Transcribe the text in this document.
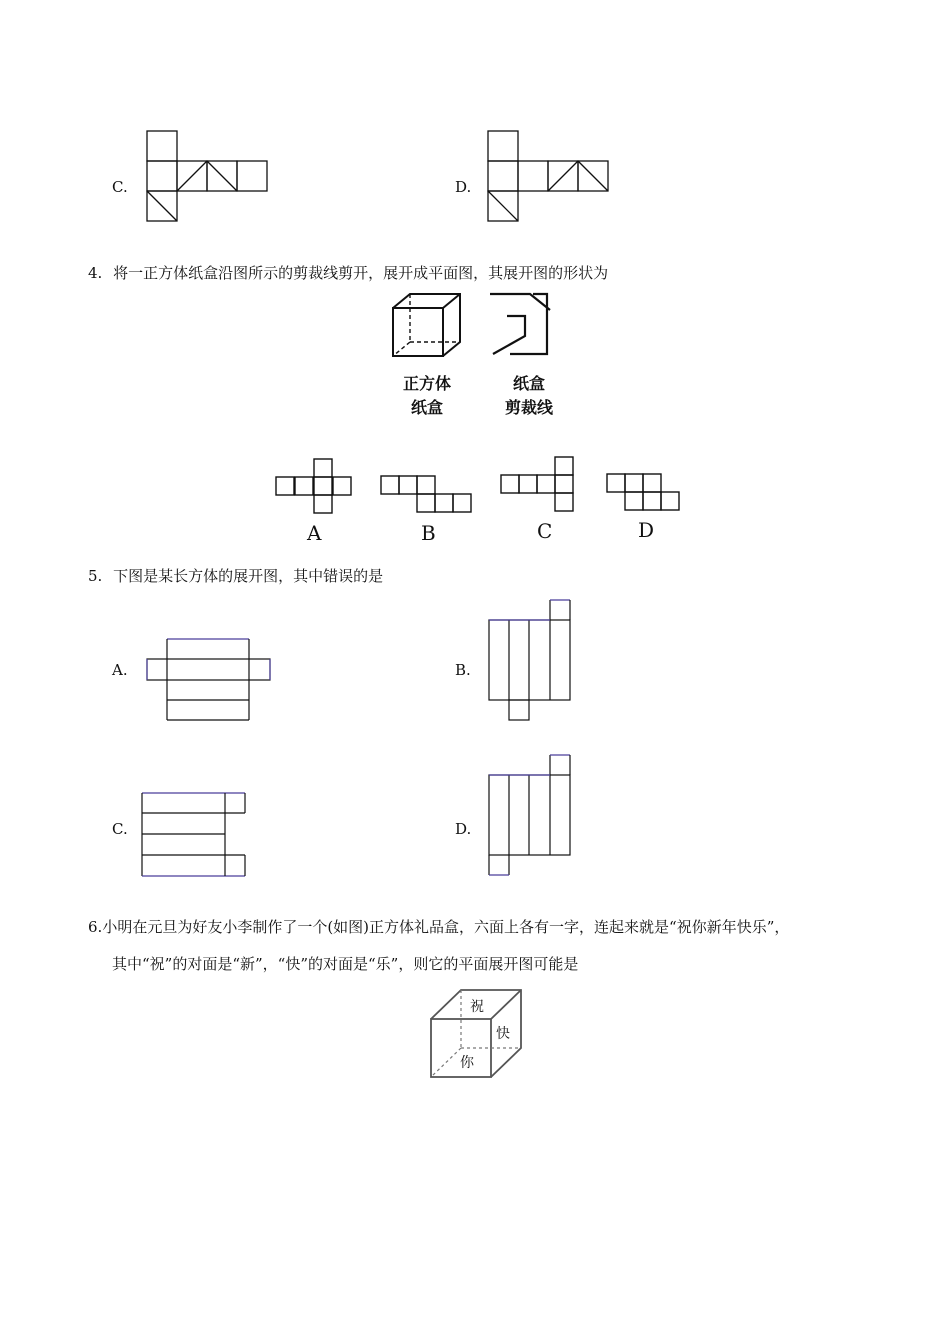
C.	D.
4. 将一正方体纸盒沿图所示的剪裁线剪开，展开成平面图，其展开图的形状为
正方体
纸盒
纸盒
剪裁线
A	B	C	D
5. 下图是某长方体的展开图，其中错误的是
A.	B.
C.	D.
6.小明在元旦为好友小李制作了一个(如图)正方体礼品盒，六面上各有一字，连起来就是“祝你新年快乐”，
其中“祝”的对面是“新”，“快”的对面是“乐”，则它的平面展开图可能是
祝
快
你
